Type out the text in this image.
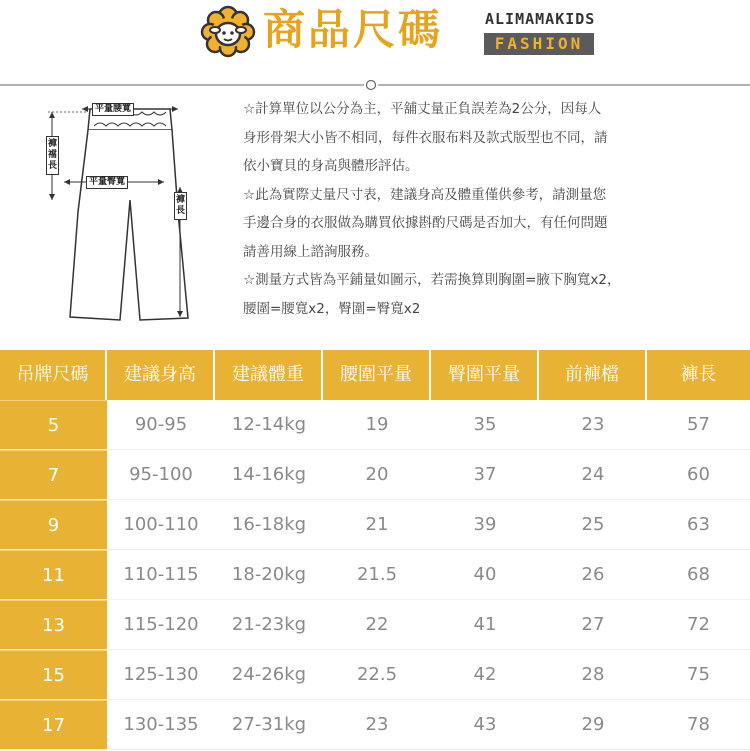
商品尺碼	ALIMAMAKIDS
FASHION
平量腰寬
平量臀寬
褲襠長
褲長

☆計算單位以公分為主，平舖丈量正負誤差為2公分，因每人

身形骨架大小皆不相同，每件衣服布料及款式版型也不同，請

依小寶貝的身高與體形評估。

☆此為實際丈量尺寸表，建議身高及體重僅供參考，請測量您

手邊合身的衣服做為購買依據斟酌尺碼是否加大，有任何問題

請善用線上諮詢服務。

☆測量方式皆為平鋪量如圖示，若需換算則胸圍=腋下胸寬x2，

腰圍=腰寬x2，臀圍=臀寬x2

吊牌尺碼	建議身高	建議體重	腰圍平量	臀圍平量	前褲檔	褲長
5	90-95	12-14kg	19	35	23	57
7	95-100	14-16kg	20	37	24	60
9	100-110	16-18kg	21	39	25	63
11	110-115	18-20kg	21.5	40	26	68
13	115-120	21-23kg	22	41	27	72
15	125-130	24-26kg	22.5	42	28	75
17	130-135	27-31kg	23	43	29	78
